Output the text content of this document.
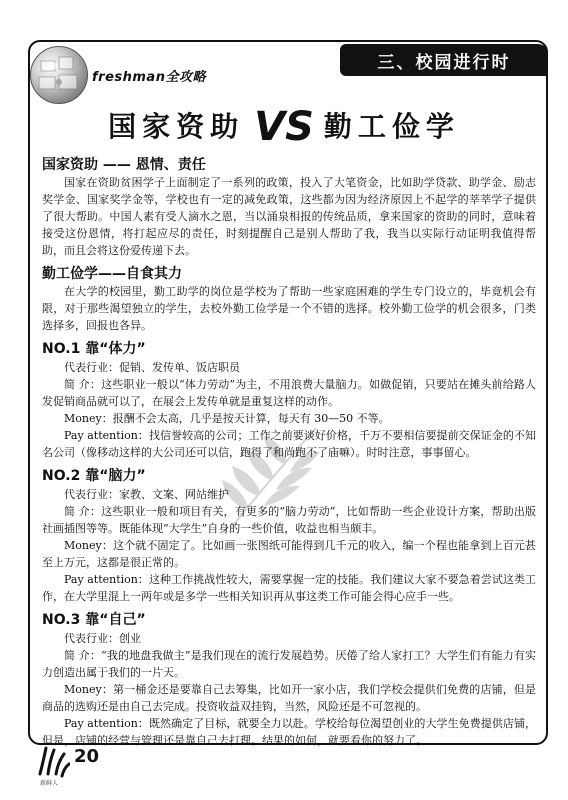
freshman全攻略
三、校园进行时
国家资助 VS 勤工俭学

国家资助 —— 恩情、责任

国家在资助贫困学子上面制定了一系列的政策，投入了大笔资金，比如助学贷款、助学金、励志奖学金、国家奖学金等，学校也有一定的减免政策，这些都为因为经济原因上不起学的莘莘学子提供了很大帮助。中国人素有受人滴水之恩，当以涌泉相报的传统品质，拿来国家的资助的同时，意味着接受这份恩情，将打起应尽的责任，时刻提醒自己是别人帮助了我，我当以实际行动证明我值得帮助，而且会将这份爱传递下去。

勤工俭学——自食其力

在大学的校园里，勤工助学的岗位是学校为了帮助一些家庭困难的学生专门设立的，毕竟机会有限，对于那些渴望独立的学生，去校外勤工俭学是一个不错的选择。校外勤工俭学的机会很多，门类选择多，回报也各异。

NO.1 靠“体力”

代表行业：促销、发传单、饭店职员

简 介：这些职业一般以“体力劳动”为主，不用浪费大量脑力。如做促销，只要站在摊头前给路人发促销商品就可以了，在展会上发传单就是重复这样的动作。

Money：报酬不会太高，几乎是按天计算，每天有 30—50 不等。

Pay attention：找信誉较高的公司；工作之前要谈好价格，千万不要相信要提前交保证金的不知名公司（像移动这样的大公司还可以信，跑得了和尚跑不了庙嘛）。时时注意，事事留心。

NO.2 靠“脑力”

代表行业：家教、文案、网站维护

简 介：这些职业一般和项目有关，有更多的“脑力劳动”，比如帮助一些企业设计方案，帮助出版社画插图等等。既能体现“大学生”自身的一些价值，收益也相当颇丰。

Money：这个就不固定了。比如画一张图纸可能得到几千元的收入，编一个程也能拿到上百元甚至上万元，这都是很正常的。

Pay attention：这种工作挑战性较大，需要掌握一定的技能。我们建议大家不要急着尝试这类工作，在大学里混上一两年或是多学一些相关知识再从事这类工作可能会得心应手一些。

NO.3 靠“自己”

代表行业：创业

简 介：“我的地盘我做主”是我们现在的流行发展趋势。厌倦了给人家打工？大学生们有能力有实力创造出属于我们的一片天。

Money：第一桶金还是要靠自己去筹集，比如开一家小店，我们学校会提供们免费的店铺，但是商品的选购还是由自己去完成。投资收益双挂钩，当然，风险还是不可忽视的。

Pay attention：既然确定了目标，就要全力以赴。学校给每位渴望创业的大学生免费提供店铺，但是，店铺的经营与管理还是靠自己去打理。结果的如何，就要看你的努力了。

20
新鲜人
